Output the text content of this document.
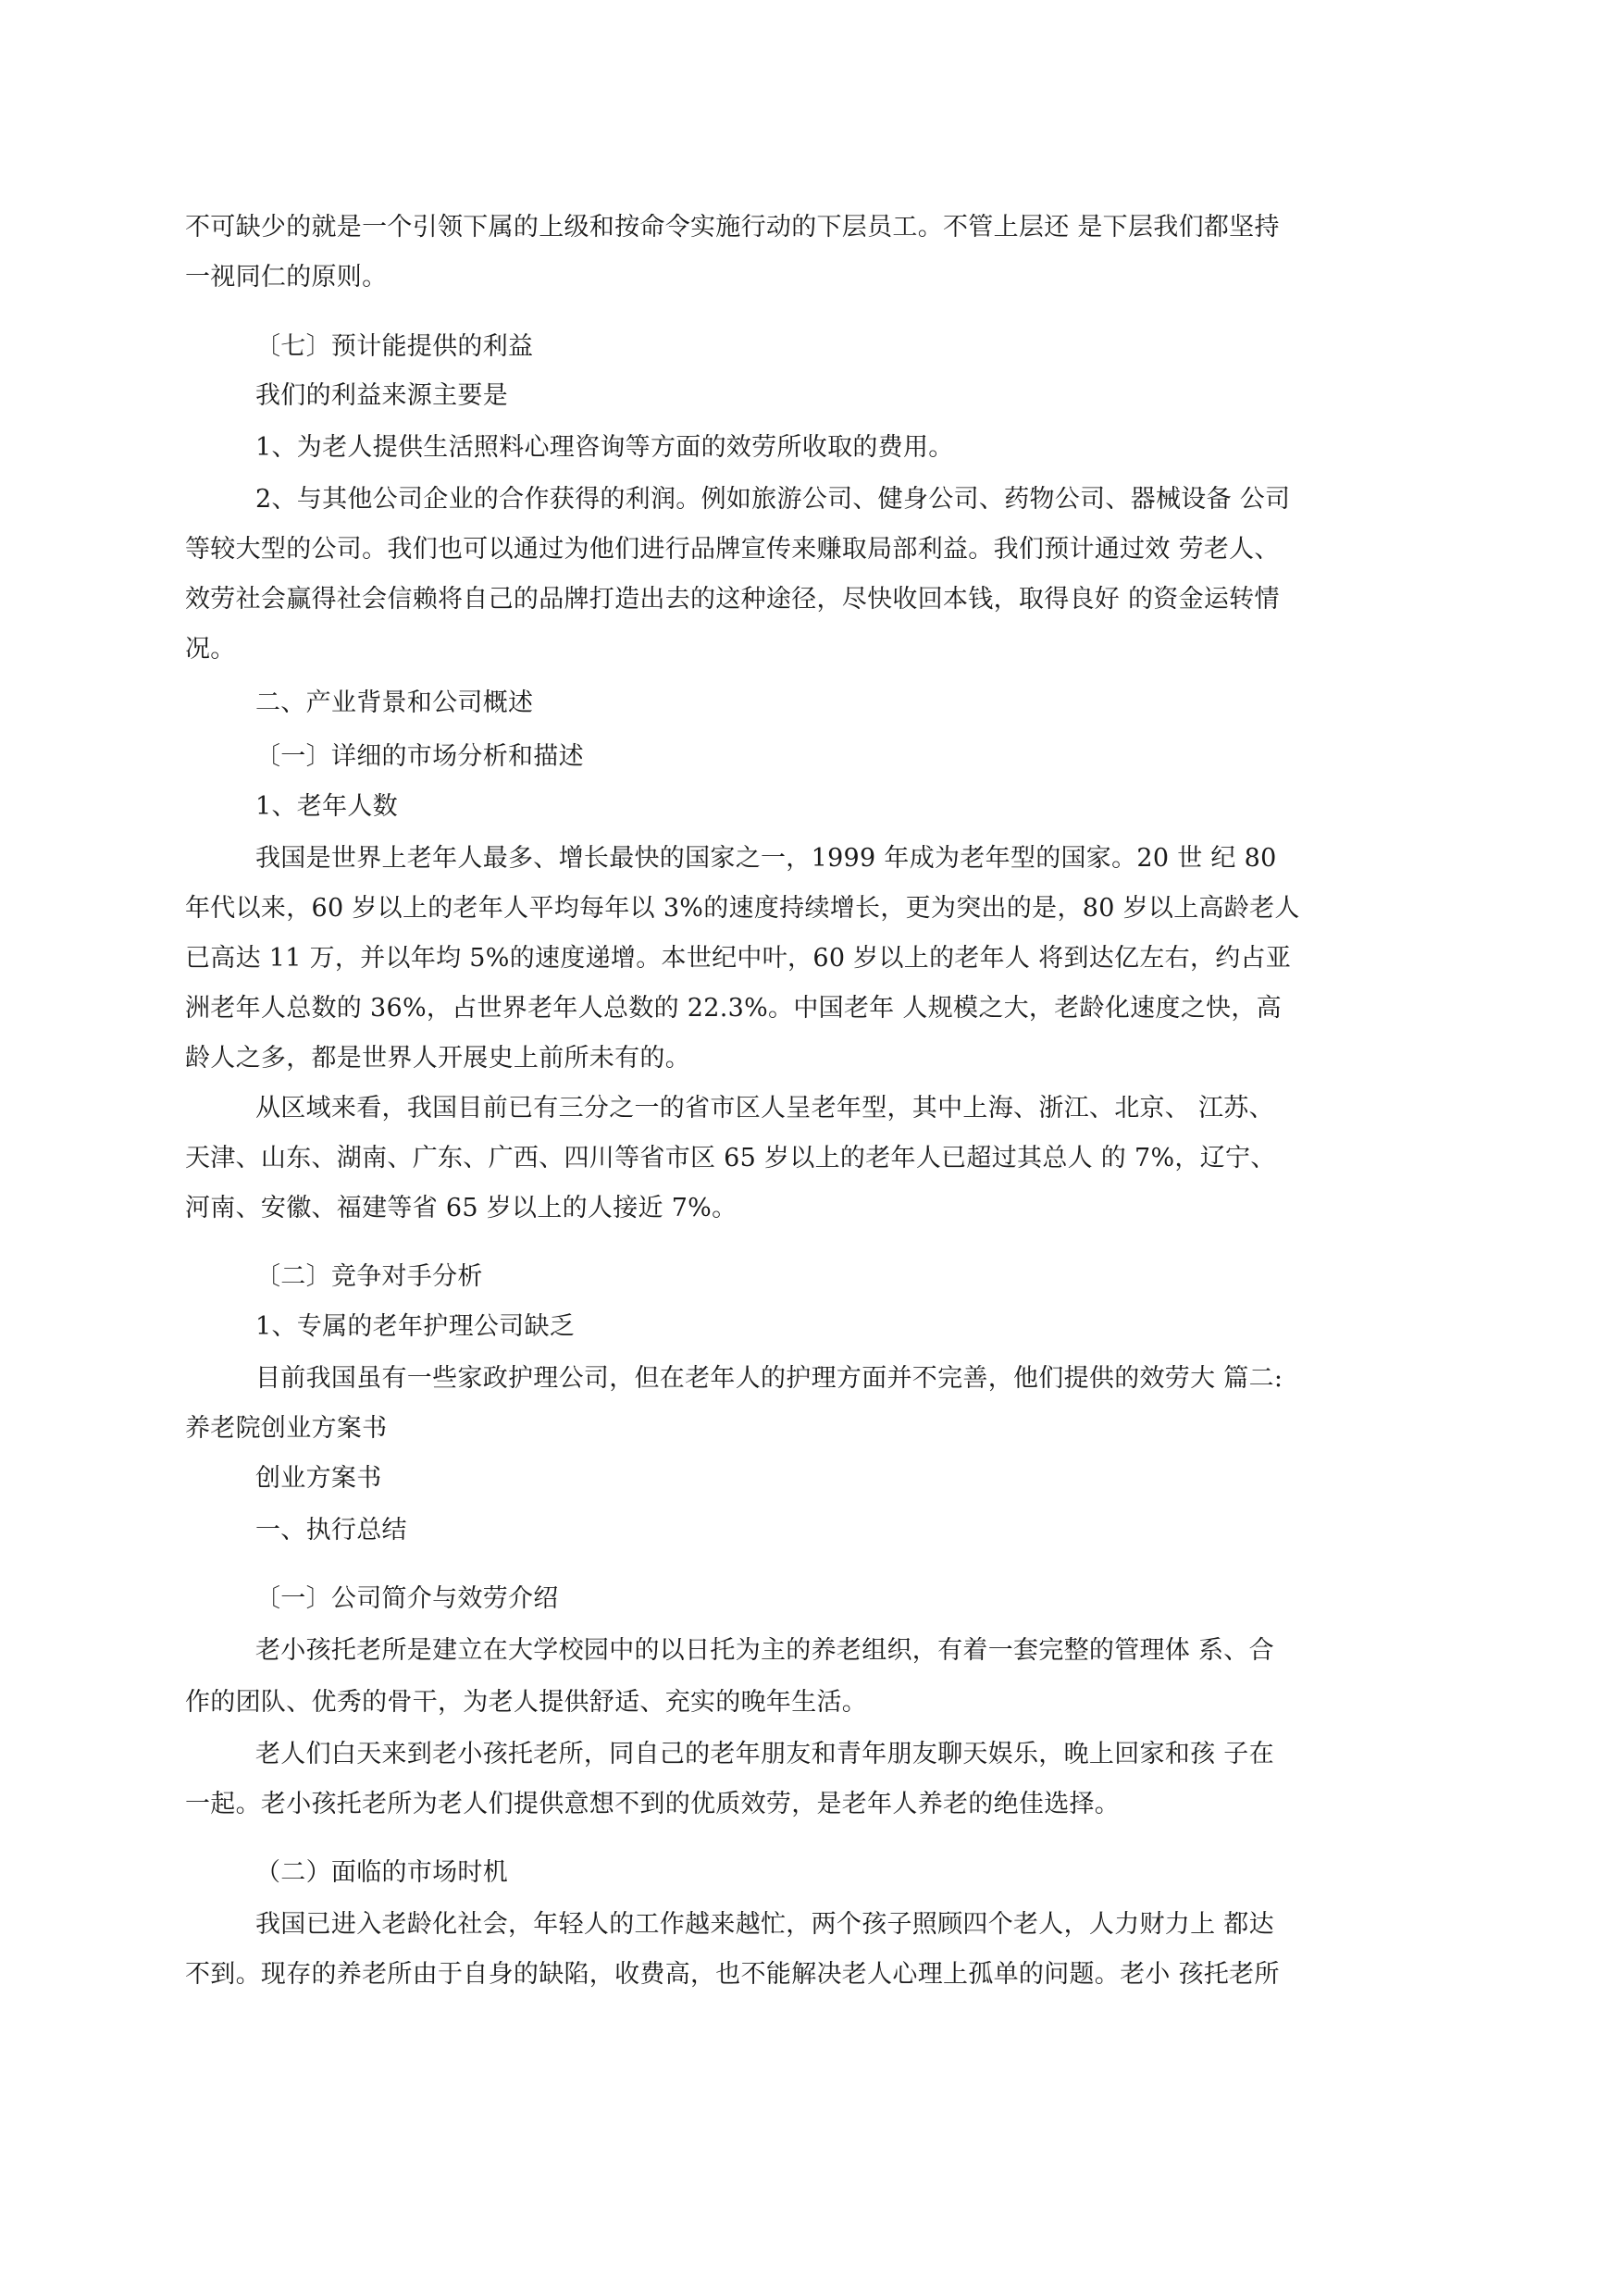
不可缺少的就是一个引领下属的上级和按命令实施行动的下层员工。不管上层还 是下层我们都坚持
一视同仁的原则。
〔七〕预计能提供的利益
我们的利益来源主要是
1、为老人提供生活照料心理咨询等方面的效劳所收取的费用。
2、与其他公司企业的合作获得的利润。例如旅游公司、健身公司、药物公司、器械设备 公司
等较大型的公司。我们也可以通过为他们进行品牌宣传来赚取局部利益。我们预计通过效 劳老人、
效劳社会赢得社会信赖将自己的品牌打造出去的这种途径，尽快收回本钱，取得良好 的资金运转情
况。
二、产业背景和公司概述
〔一〕详细的市场分析和描述
1、老年人数
我国是世界上老年人最多、增长最快的国家之一，1999 年成为老年型的国家。20 世 纪 80
年代以来，60 岁以上的老年人平均每年以 3%的速度持续增长，更为突出的是，80 岁以上高龄老人
已高达 11 万，并以年均 5%的速度递增。本世纪中叶，60 岁以上的老年人 将到达亿左右，约占亚
洲老年人总数的 36%，占世界老年人总数的 22.3%。中国老年 人规模之大，老龄化速度之快，高
龄人之多，都是世界人开展史上前所未有的。
从区域来看，我国目前已有三分之一的省市区人呈老年型，其中上海、浙江、北京、 江苏、
天津、山东、湖南、广东、广西、四川等省市区 65 岁以上的老年人已超过其总人 的 7%，辽宁、
河南、安徽、福建等省 65 岁以上的人接近 7%。
〔二〕竞争对手分析
1、专属的老年护理公司缺乏
目前我国虽有一些家政护理公司，但在老年人的护理方面并不完善，他们提供的效劳大 篇二:
养老院创业方案书
创业方案书
一、执行总结
〔一〕公司简介与效劳介绍
老小孩托老所是建立在大学校园中的以日托为主的养老组织，有着一套完整的管理体 系、合
作的团队、优秀的骨干，为老人提供舒适、充实的晚年生活。
老人们白天来到老小孩托老所，同自己的老年朋友和青年朋友聊天娱乐，晚上回家和孩 子在
一起。老小孩托老所为老人们提供意想不到的优质效劳，是老年人养老的绝佳选择。
（二）面临的市场时机
我国已进入老龄化社会，年轻人的工作越来越忙，两个孩子照顾四个老人，人力财力上 都达
不到。现存的养老所由于自身的缺陷，收费高，也不能解决老人心理上孤单的问题。老小 孩托老所
